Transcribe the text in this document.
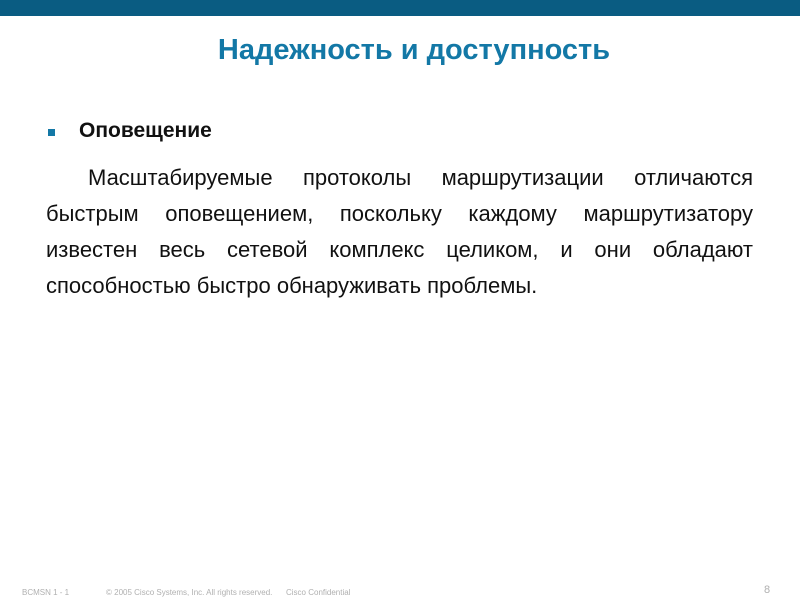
Надежность и доступность
Оповещение

Масштабируемые протоколы маршрутизации отличаются быстрым оповещением, поскольку каждому маршрутизатору известен весь сетевой комплекс целиком, и они обладают способностью быстро обнаруживать проблемы.

BCMSN 1 - 1	© 2005 Cisco Systems, Inc. All rights reserved. Cisco Confidential	8
